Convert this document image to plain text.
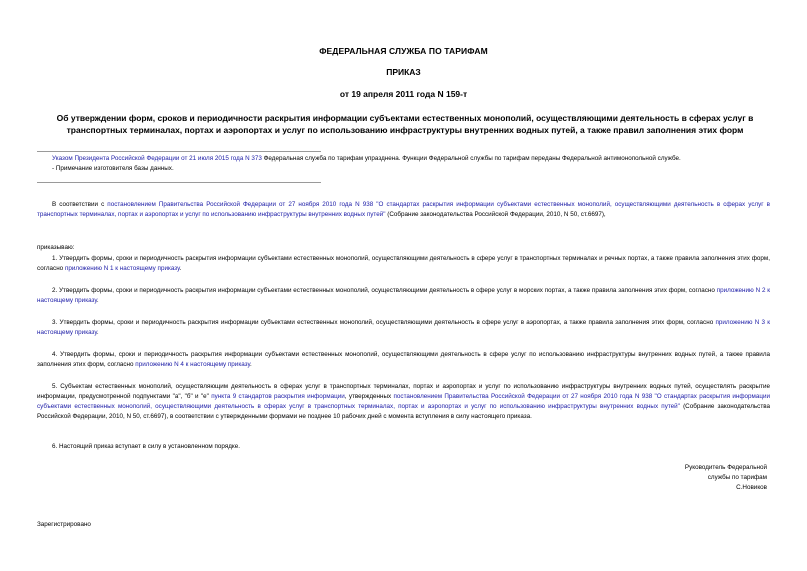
ФЕДЕРАЛЬНАЯ СЛУЖБА ПО ТАРИФАМ
ПРИКАЗ
от 19 апреля 2011 года N 159-т
Об утверждении форм, сроков и периодичности раскрытия информации субъектами естественных монополий, осуществляющими деятельность в сферах услуг в транспортных терминалах, портах и аэропортах и услуг по использованию инфраструктуры внутренних водных путей, а также правил заполнения этих форм
Указом Президента Российской Федерации от 21 июля 2015 года N 373 Федеральная служба по тарифам упразднена. Функции Федеральной службы по тарифам переданы Федеральной антимонопольной службе.
- Примечание изготовителя базы данных.
В соответствии с постановлением Правительства Российской Федерации от 27 ноября 2010 года N 938 "О стандартах раскрытия информации субъектами естественных монополий, осуществляющими деятельность в сферах услуг в транспортных терминалах, портах и аэропортах и услуг по использованию инфраструктуры внутренних водных путей" (Собрание законодательства Российской Федерации, 2010, N 50, ст.6697),
приказываю:
1. Утвердить формы, сроки и периодичность раскрытия информации субъектами естественных монополий, осуществляющими деятельность в сфере услуг в транспортных терминалах и речных портах, а также правила заполнения этих форм, согласно приложению N 1 к настоящему приказу.
2. Утвердить формы, сроки и периодичность раскрытия информации субъектами естественных монополий, осуществляющими деятельность в сфере услуг в морских портах, а также правила заполнения этих форм, согласно приложению N 2 к настоящему приказу.
3. Утвердить формы, сроки и периодичность раскрытия информации субъектами естественных монополий, осуществляющими деятельность в сфере услуг в аэропортах, а также правила заполнения этих форм, согласно приложению N 3 к настоящему приказу.
4. Утвердить формы, сроки и периодичность раскрытия информации субъектами естественных монополий, осуществляющими деятельность в сфере услуг по использованию инфраструктуры внутренних водных путей, а также правила заполнения этих форм, согласно приложению N 4 к настоящему приказу.
5. Субъектам естественных монополий, осуществляющим деятельность в сферах услуг в транспортных терминалах, портах и аэропортах и услуг по использованию инфраструктуры внутренних водных путей, осуществлять раскрытие информации, предусмотренной подпунктами "а", "б" и "е" пункта 9 стандартов раскрытия информации, утвержденных постановлением Правительства Российской Федерации от 27 ноября 2010 года N 938 "О стандартах раскрытия информации субъектами естественных монополий, осуществляющими деятельность в сферах услуг в транспортных терминалах, портах и аэропортах и услуг по использованию инфраструктуры внутренних водных путей" (Собрание законодательства Российской Федерации, 2010, N 50, ст.6697), в соответствии с утвержденными формами не позднее 10 рабочих дней с момента вступления в силу настоящего приказа.
6. Настоящий приказ вступает в силу в установленном порядке.
Руководитель Федеральной
службы по тарифам
С.Новиков
Зарегистрировано
